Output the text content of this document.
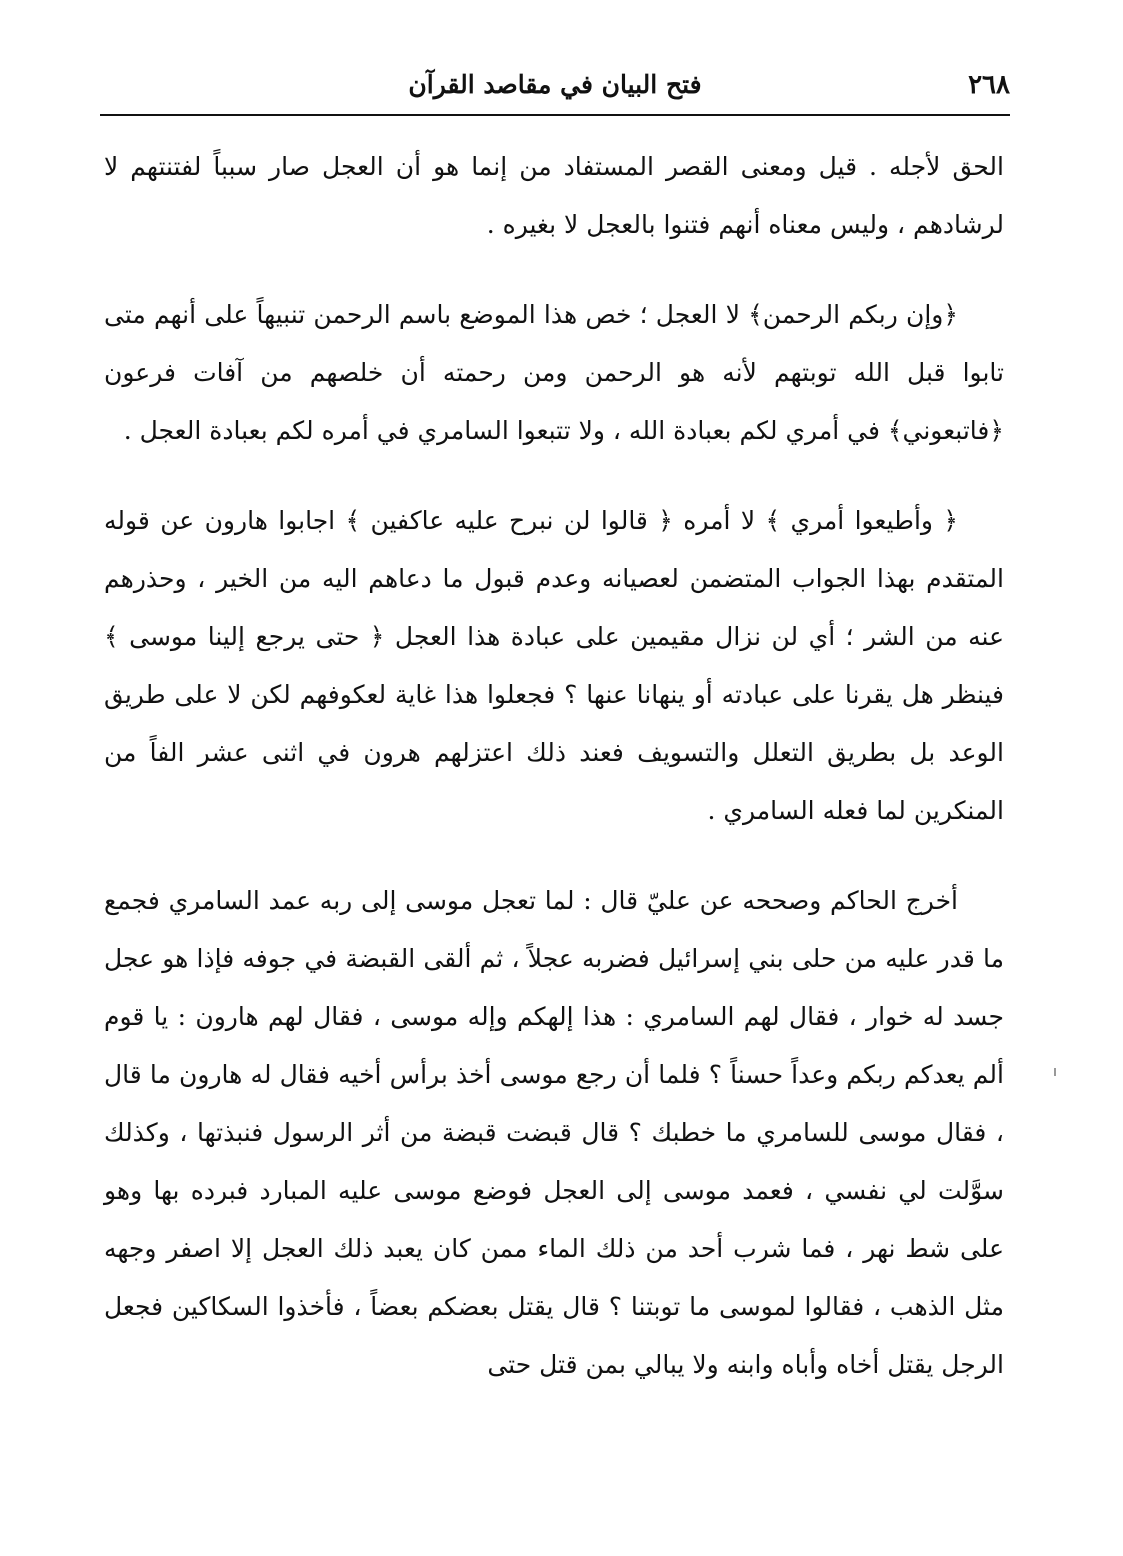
٢٦٨
فتح البيان في مقاصد القرآن

الحق لأجله . قيل ومعنى القصر المستفاد من إنما هو أن العجل صار سبباً لفتنتهم لا لرشادهم ، وليس معناه أنهم فتنوا بالعجل لا بغيره .

﴿وإن ربكم الرحمن﴾ لا العجل ؛ خص هذا الموضع باسم الرحمن تنبيهاً على أنهم متى تابوا قبل الله توبتهم لأنه هو الرحمن ومن رحمته أن خلصهم من آفات فرعون ﴿فاتبعوني﴾ في أمري لكم بعبادة الله ، ولا تتبعوا السامري في أمره لكم بعبادة العجل .

﴿ وأطيعوا أمري ﴾ لا أمره ﴿ قالوا لن نبرح عليه عاكفين ﴾ اجابوا هارون عن قوله المتقدم بهذا الجواب المتضمن لعصيانه وعدم قبول ما دعاهم اليه من الخير ، وحذرهم عنه من الشر ؛ أي لن نزال مقيمين على عبادة هذا العجل ﴿ حتى يرجع إلينا موسى ﴾ فينظر هل يقرنا على عبادته أو ينهانا عنها ؟ فجعلوا هذا غاية لعكوفهم لكن لا على طريق الوعد بل بطريق التعلل والتسويف فعند ذلك اعتزلهم هرون في اثنى عشر الفاً من المنكرين لما فعله السامري .

أخرج الحاكم وصححه عن عليّ قال : لما تعجل موسى إلى ربه عمد السامري فجمع ما قدر عليه من حلى بني إسرائيل فضربه عجلاً ، ثم ألقى القبضة في جوفه فإذا هو عجل جسد له خوار ، فقال لهم السامري : هذا إلهكم وإله موسى ، فقال لهم هارون : يا قوم ألم يعدكم ربكم وعداً حسناً ؟ فلما أن رجع موسى أخذ برأس أخيه فقال له هارون ما قال ، فقال موسى للسامري ما خطبك ؟ قال قبضت قبضة من أثر الرسول فنبذتها ، وكذلك سوَّلت لي نفسي ، فعمد موسى إلى العجل فوضع موسى عليه المبارد فبرده بها وهو على شط نهر ، فما شرب أحد من ذلك الماء ممن كان يعبد ذلك العجل إلا اصفر وجهه مثل الذهب ، فقالوا لموسى ما توبتنا ؟ قال يقتل بعضكم بعضاً ، فأخذوا السكاكين فجعل الرجل يقتل أخاه وأباه وابنه ولا يبالي بمن قتل حتى
